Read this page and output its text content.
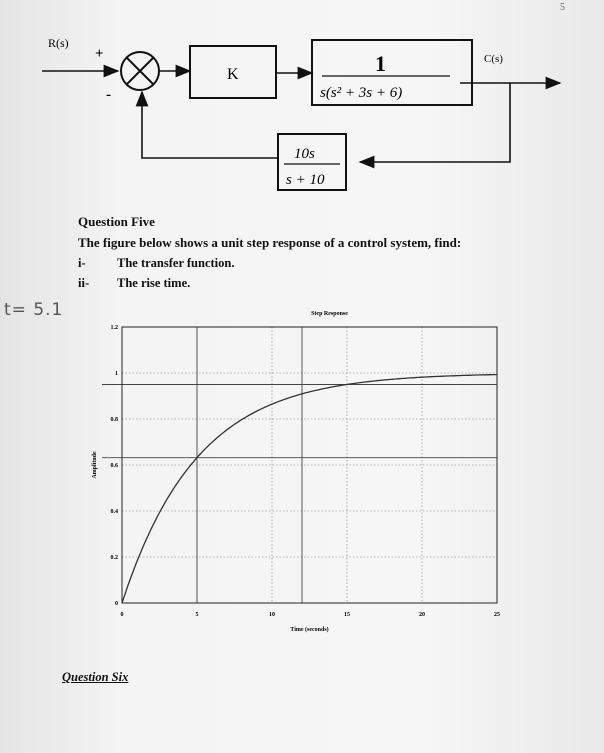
5
R(s)
+
-
K	1
s(s² + 3s + 6)
C(s)
10s
s + 10
Question Five
The figure below shows a unit step response of a control system, find:
i-	The transfer function.
ii- The rise time.
t= 5.1
0	5	10	15	20	25
0
0.2
0.4
0.6
0.8
1
1.2
Step Response
Time (seconds)
Amplitude
Question Six
